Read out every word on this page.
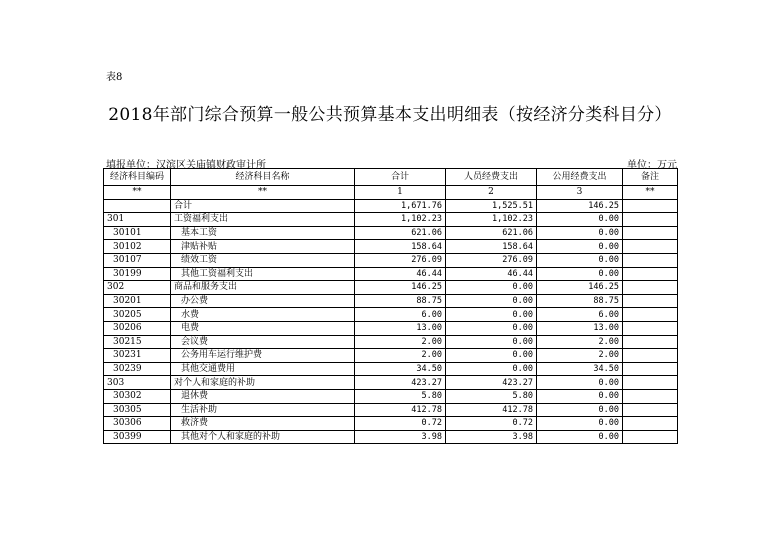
表8
2018年部门综合预算一般公共预算基本支出明细表（按经济分类科目分）
填报单位：汉滨区关庙镇财政审计所	单位：万元
经济科目编码	经济科目名称	合计	人员经费支出	公用经费支出	备注
**	**	1	2	3	**
	合计	1,671.76	1,525.51	146.25	
301	工资福利支出	1,102.23	1,102.23	0.00	
30101	基本工资	621.06	621.06	0.00	
30102	津贴补贴	158.64	158.64	0.00	
30107	绩效工资	276.09	276.09	0.00	
30199	其他工资福利支出	46.44	46.44	0.00	
302	商品和服务支出	146.25	0.00	146.25	
30201	办公费	88.75	0.00	88.75	
30205	水费	6.00	0.00	6.00	
30206	电费	13.00	0.00	13.00	
30215	会议费	2.00	0.00	2.00	
30231	公务用车运行维护费	2.00	0.00	2.00	
30239	其他交通费用	34.50	0.00	34.50	
303	对个人和家庭的补助	423.27	423.27	0.00	
30302	退休费	5.80	5.80	0.00	
30305	生活补助	412.78	412.78	0.00	
30306	救济费	0.72	0.72	0.00	
30399	其他对个人和家庭的补助	3.98	3.98	0.00	
